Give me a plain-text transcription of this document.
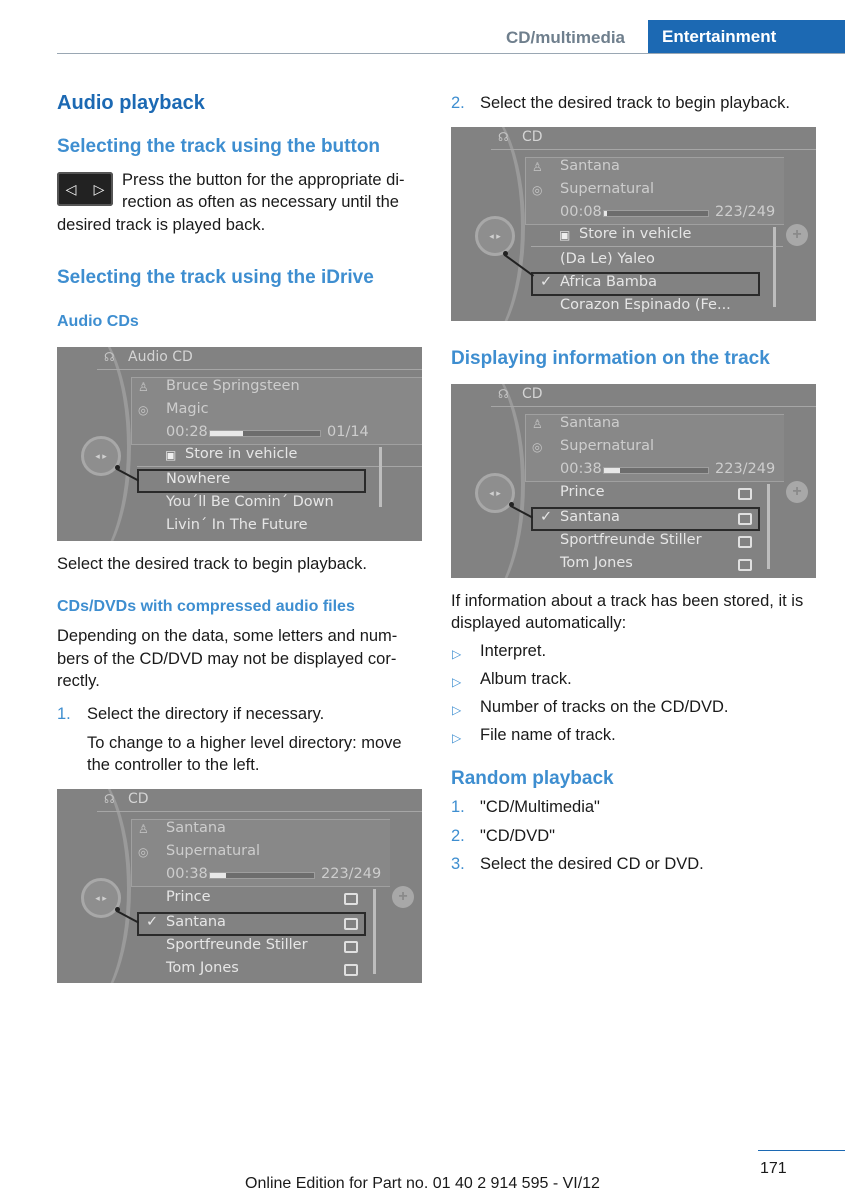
CD/multimedia	Entertainment
Audio playback
Selecting the track using the button
◁ ▷ Press the button for the appropriate di-

rection as often as necessary until the

desired track is played back.

Selecting the track using the iDrive
Audio CDs
◂ ▸
☊ Audio CD
♙
◎
Bruce Springsteen
Magic
00:28	01/14
▣ Store in vehicle
Nowhere
You´ll Be Comin´ Down
Livin´ In The Future

Select the desired track to begin playback.

CDs/DVDs with compressed audio files

Depending on the data, some letters and num-

bers of the CD/DVD may not be displayed cor-

rectly.

1. Select the directory if necessary.

To change to a higher level directory: move

the controller to the left.

◂ ▸	+
☊ CD
♙
◎
Santana
Supernatural
00:38	223/249
Prince
✓ Santana
Sportfreunde Stiller
Tom Jones

2. Select the desired track to begin playback.

◂ ▸	+
☊ CD
♙
◎
Santana
Supernatural
00:08	223/249
▣ Store in vehicle
(Da Le) Yaleo
✓ Africa Bamba
Corazon Espinado (Fe...
Displaying information on the track
◂ ▸	+
☊ CD
♙
◎
Santana
Supernatural
00:38	223/249
Prince
✓ Santana
Sportfreunde Stiller
Tom Jones

If information about a track has been stored, it is

displayed automatically:

▷ Interpret.

▷ Album track.

▷ Number of tracks on the CD/DVD.

▷ File name of track.

Random playback

1. "CD/Multimedia"

2. "CD/DVD"

3. Select the desired CD or DVD.

171
Online Edition for Part no. 01 40 2 914 595 - VI/12
